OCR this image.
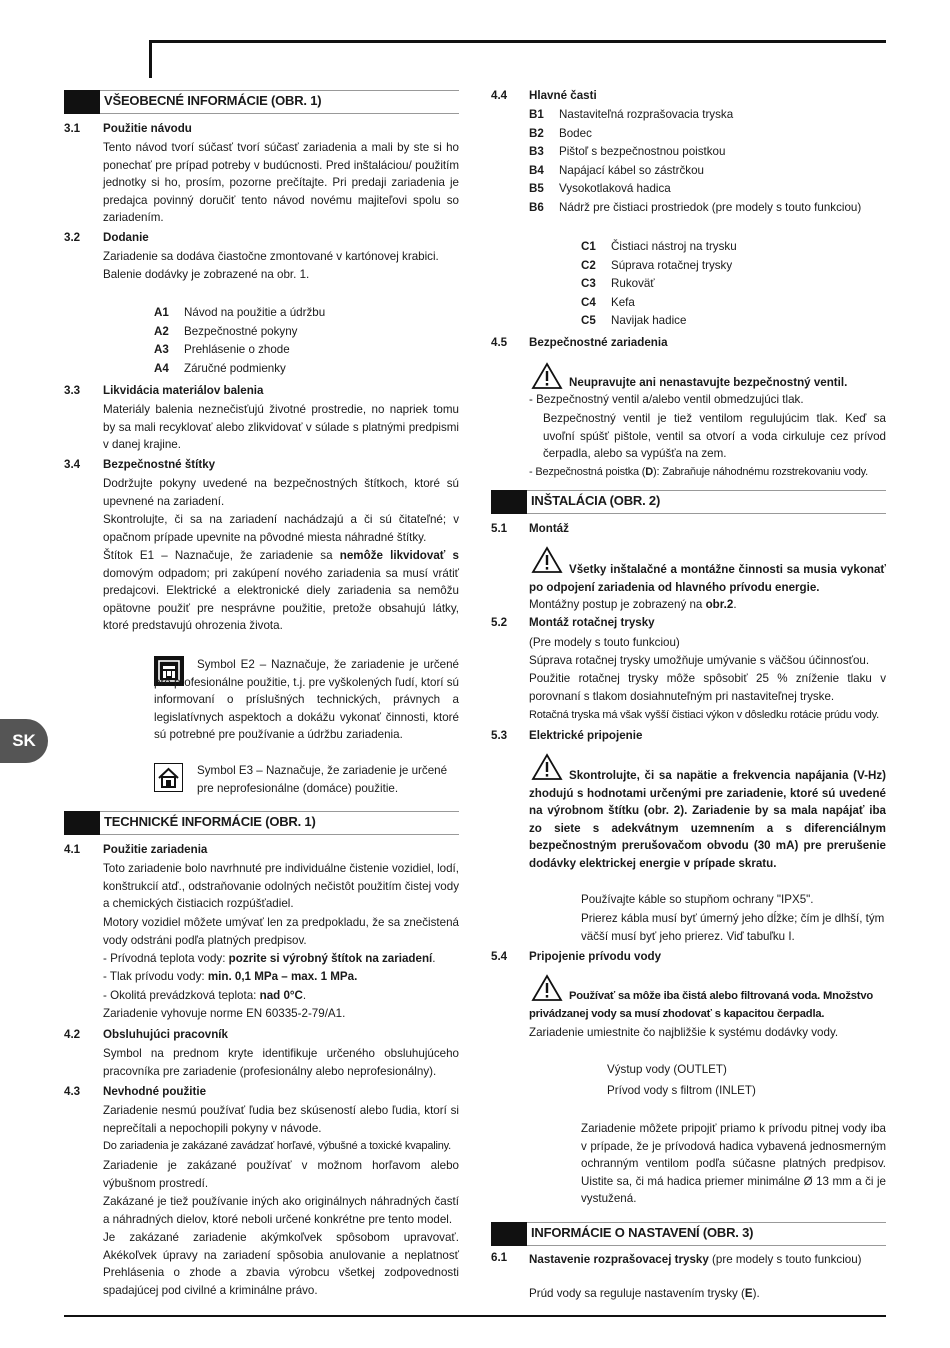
SK
VŠEOBECNÉ INFORMÁCIE (OBR. 1)
3.1 Použitie návodu
Tento návod tvorí súčasť tvorí súčasť zariadenia a mali by ste si ho ponechať pre prípad potreby v budúcnosti. Pred inštaláciou/ použitím jednotky si ho, prosím, pozorne prečítajte. Pri predaji zariadenia je predajca povinný doručiť tento návod novému majiteľovi spolu so zariadením.
3.2 Dodanie
Zariadenie sa dodáva čiastočne zmontované v kartónovej krabici.
Balenie dodávky je zobrazené na obr. 1.
A1	Návod na použitie a údržbu
A2	Bezpečnostné pokyny
A3	Prehlásenie o zhode
A4	Záručné podmienky
3.3 Likvidácia materiálov balenia
Materiály balenia neznečisťujú životné prostredie, no napriek tomu by sa mali recyklovať alebo zlikvidovať v súlade s platnými predpismi v danej krajine.
3.4 Bezpečnostné štítky
Dodržujte pokyny uvedené na bezpečnostných štítkoch, ktoré sú upevnené na zariadení.
Skontrolujte, či sa na zariadení nachádzajú a či sú čitateľné; v opačnom prípade upevnite na pôvodné miesta náhradné štítky.
Štítok E1 – Naznačuje, že zariadenie sa nemôže likvidovať s domovým odpadom; pri zakúpení nového zariadenia sa musí vrátiť predajcovi. Elektrické a elektronické diely zariadenia sa nemôžu opätovne použiť pre nesprávne použitie, pretože obsahujú látky, ktoré predstavujú ohrozenia života.
Symbol E2 – Naznačuje, že zariadenie je určené pre profesionálne použitie, t.j. pre vyškolených ľudí, ktorí sú informovaní o príslušných technických, právnych a legislatívnych aspektoch a dokážu vykonať činnosti, ktoré sú potrebné pre používanie a údržbu zariadenia.
Symbol E3 – Naznačuje, že zariadenie je určené pre neprofesionálne (domáce) použitie.
TECHNICKÉ INFORMÁCIE (OBR. 1)
4.1 Použitie zariadenia
Toto zariadenie bolo navrhnuté pre individuálne čistenie vozidiel, lodí, konštrukcií atď., odstraňovanie odolných nečistôt použitím čistej vody a chemických čistiacich rozpúšťadiel.
Motory vozidiel môžete umývať len za predpokladu, že sa znečistená vody odstráni podľa platných predpisov.
- Prívodná teplota vody: pozrite si výrobný štítok na zariadení.
- Tlak prívodu vody: min. 0,1 MPa – max. 1 MPa.
- Okolitá prevádzková teplota: nad 0°C.
Zariadenie vyhovuje norme EN 60335-2-79/A1.
4.2 Obsluhujúci pracovník
Symbol na prednom kryte identifikuje určeného obsluhujúceho pracovníka pre zariadenie (profesionálny alebo neprofesionálny).
4.3 Nevhodné použitie
Zariadenie nesmú používať ľudia bez skúseností alebo ľudia, ktorí si neprečítali a nepochopili pokyny v návode.
Do zariadenia je zakázané zavádzať horľavé, výbušné a toxické kvapaliny.
Zariadenie je zakázané používať v možnom horľavom alebo výbušnom prostredí.
Zakázané je tiež používanie iných ako originálnych náhradných častí a náhradných dielov, ktoré neboli určené konkrétne pre tento model.
Je zakázané zariadenie akýmkoľvek spôsobom upravovať. Akékoľvek úpravy na zariadení spôsobia anulovanie a neplatnosť Prehlásenia o zhode a zbavia výrobcu všetkej zodpovednosti spadajúcej pod civilné a kriminálne právo.
4.4 Hlavné časti
B1	Nastaviteľná rozprašovacia tryska
B2	Bodec
B3	Pištoľ s bezpečnostnou poistkou
B4	Napájací kábel so zástrčkou
B5	Vysokotlaková hadica
B6	Nádrž pre čistiaci prostriedok (pre modely s touto funkciou)
C1	Čistiaci nástroj na trysku
C2	Súprava rotačnej trysky
C3	Rukoväť
C4	Kefa
C5	Navijak hadice
4.5 Bezpečnostné zariadenia
Neupravujte ani nenastavujte bezpečnostný ventil.
- Bezpečnostný ventil a/alebo ventil obmedzujúci tlak.
Bezpečnostný ventil je tiež ventilom regulujúcim tlak. Keď sa uvoľní spúšť pištole, ventil sa otvorí a voda cirkuluje cez prívod čerpadla, alebo sa vypúšťa na zem.
- Bezpečnostná poistka (D): Zabraňuje náhodnému rozstrekovaniu vody.
INŠTALÁCIA (OBR. 2)
5.1 Montáž
Všetky inštalačné a montážne činnosti sa musia vykonať po odpojení zariadenia od hlavného prívodu energie.
Montážny postup je zobrazený na obr.2.
5.2 Montáž rotačnej trysky
(Pre modely s touto funkciou)
Súprava rotačnej trysky umožňuje umývanie s väčšou účinnosťou.
Použitie rotačnej trysky môže spôsobiť 25 % zníženie tlaku v porovnaní s tlakom dosiahnuteľným pri nastaviteľnej tryske.
Rotačná tryska má však vyšší čistiaci výkon v dôsledku rotácie prúdu vody.
5.3 Elektrické pripojenie
Skontrolujte, či sa napätie a frekvencia napájania (V-Hz) zhodujú s hodnotami určenými pre zariadenie, ktoré sú uvedené na výrobnom štítku (obr. 2). Zariadenie by sa mala napájať iba zo siete s adekvátnym uzemnením a s diferenciálnym bezpečnostným prerušovačom obvodu (30 mA) pre prerušenie dodávky elektrickej energie v prípade skratu.
Používajte káble so stupňom ochrany "IPX5".
Prierez kábla musí byť úmerný jeho dĺžke; čím je dlhší, tým väčší musí byť jeho prierez. Viď tabuľku I.
5.4 Pripojenie prívodu vody
Používať sa môže iba čistá alebo filtrovaná voda. Množstvo privádzanej vody sa musí zhodovať s kapacitou čerpadla.
Zariadenie umiestnite čo najbližšie k systému dodávky vody.
Výstup vody (OUTLET)
Prívod vody s filtrom (INLET)
Zariadenie môžete pripojiť priamo k prívodu pitnej vody iba v prípade, že je prívodová hadica vybavená jednosmerným ochranným ventilom podľa súčasne platných predpisov. Uistite sa, či má hadica priemer minimálne Ø 13 mm a či je vystužená.
INFORMÁCIE O NASTAVENÍ (OBR. 3)
6.1 Nastavenie rozprašovacej trysky (pre modely s touto funkciou)
Prúd vody sa reguluje nastavením trysky (E).
